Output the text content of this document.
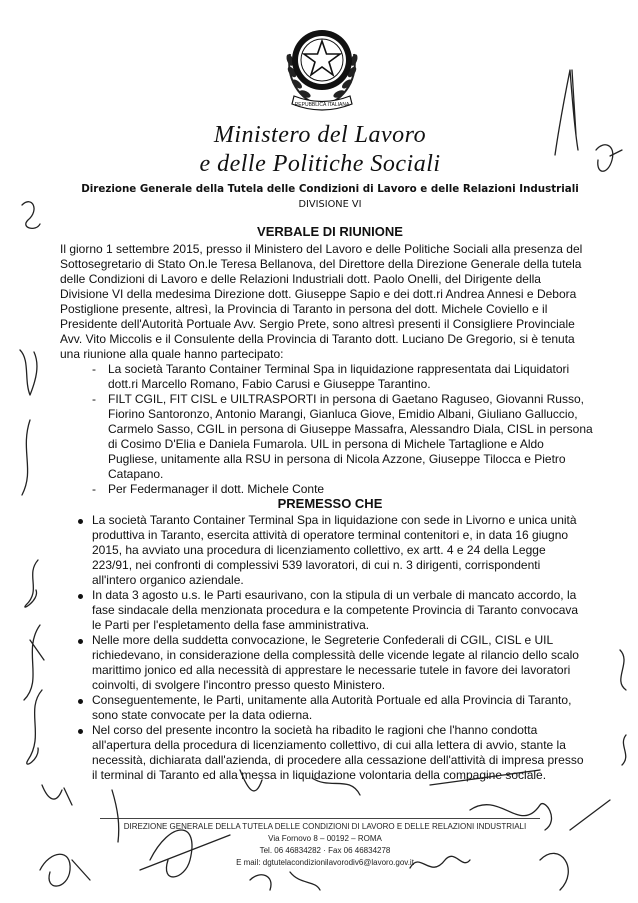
REPUBBLICA ITALIANA
Ministero del Lavoro
e delle Politiche Sociali
Direzione Generale della Tutela delle Condizioni di Lavoro e delle Relazioni Industriali
DIVISIONE VI
VERBALE DI RIUNIONE
Il giorno 1 settembre 2015, presso il Ministero del Lavoro e delle Politiche Sociali alla presenza del
Sottosegretario di Stato On.le Teresa Bellanova, del Direttore della Direzione Generale della tutela
delle Condizioni di Lavoro e delle Relazioni Industriali dott. Paolo Onelli, del Dirigente della
Divisione VI della medesima Direzione dott. Giuseppe Sapio e dei dott.ri Andrea Annesi e Debora
Postiglione presente, altresì, la Provincia di Taranto in persona del dott. Michele Coviello e il
Presidente dell'Autorità Portuale Avv. Sergio Prete, sono altresì presenti il Consigliere Provinciale
Avv. Vito Miccolis e il Consulente della Provincia di Taranto dott. Luciano De Gregorio, si è tenuta
una riunione alla quale hanno partecipato:
- La società Taranto Container Terminal Spa in liquidazione rappresentata dai Liquidatori
dott.ri Marcello Romano, Fabio Carusi e Giuseppe Tarantino.
- FILT CGIL, FIT CISL e UILTRASPORTI in persona di Gaetano Raguseo, Giovanni Russo,
Fiorino Santoronzo, Antonio Marangi, Gianluca Giove, Emidio Albani, Giuliano Galluccio,
Carmelo Sasso, CGIL in persona di Giuseppe Massafra, Alessandro Diala, CISL in persona
di Cosimo D'Elia e Daniela Fumarola. UIL in persona di Michele Tartaglione e Aldo
Pugliese, unitamente alla RSU in persona di Nicola Azzone, Giuseppe Tilocca e Pietro
Catapano.
- Per Federmanager il dott. Michele Conte
PREMESSO CHE
La società Taranto Container Terminal Spa in liquidazione con sede in Livorno e unica unità
produttiva in Taranto, esercita attività di operatore terminal contenitori e, in data 16 giugno
2015, ha avviato una procedura di licenziamento collettivo, ex artt. 4 e 24 della Legge
223/91, nei confronti di complessivi 539 lavoratori, di cui n. 3 dirigenti, corrispondenti
all'intero organico aziendale.
In data 3 agosto u.s. le Parti esaurivano, con la stipula di un verbale di mancato accordo, la
fase sindacale della menzionata procedura e la competente Provincia di Taranto convocava
le Parti per l'espletamento della fase amministrativa.
Nelle more della suddetta convocazione, le Segreterie Confederali di CGIL, CISL e UIL
richiedevano, in considerazione della complessità delle vicende legate al rilancio dello scalo
marittimo jonico ed alla necessità di apprestare le necessarie tutele in favore dei lavoratori
coinvolti, di svolgere l'incontro presso questo Ministero.
Conseguentemente, le Parti, unitamente alla Autorità Portuale ed alla Provincia di Taranto,
sono state convocate per la data odierna.
Nel corso del presente incontro la società ha ribadito le ragioni che l'hanno condotta
all'apertura della procedura di licenziamento collettivo, di cui alla lettera di avvio, stante la
necessità, dichiarata dall'azienda, di procedere alla cessazione dell'attività di impresa presso
il terminal di Taranto ed alla messa in liquidazione volontaria della compagine sociale.
DIREZIONE GENERALE DELLA TUTELA DELLE CONDIZIONI DI LAVORO E DELLE RELAZIONI INDUSTRIALI
Via Fornovo 8 – 00192 – ROMA
Tel. 06 46834282 · Fax 06 46834278
E mail: dgtutelacondizionilavorodiv6@lavoro.gov.it
